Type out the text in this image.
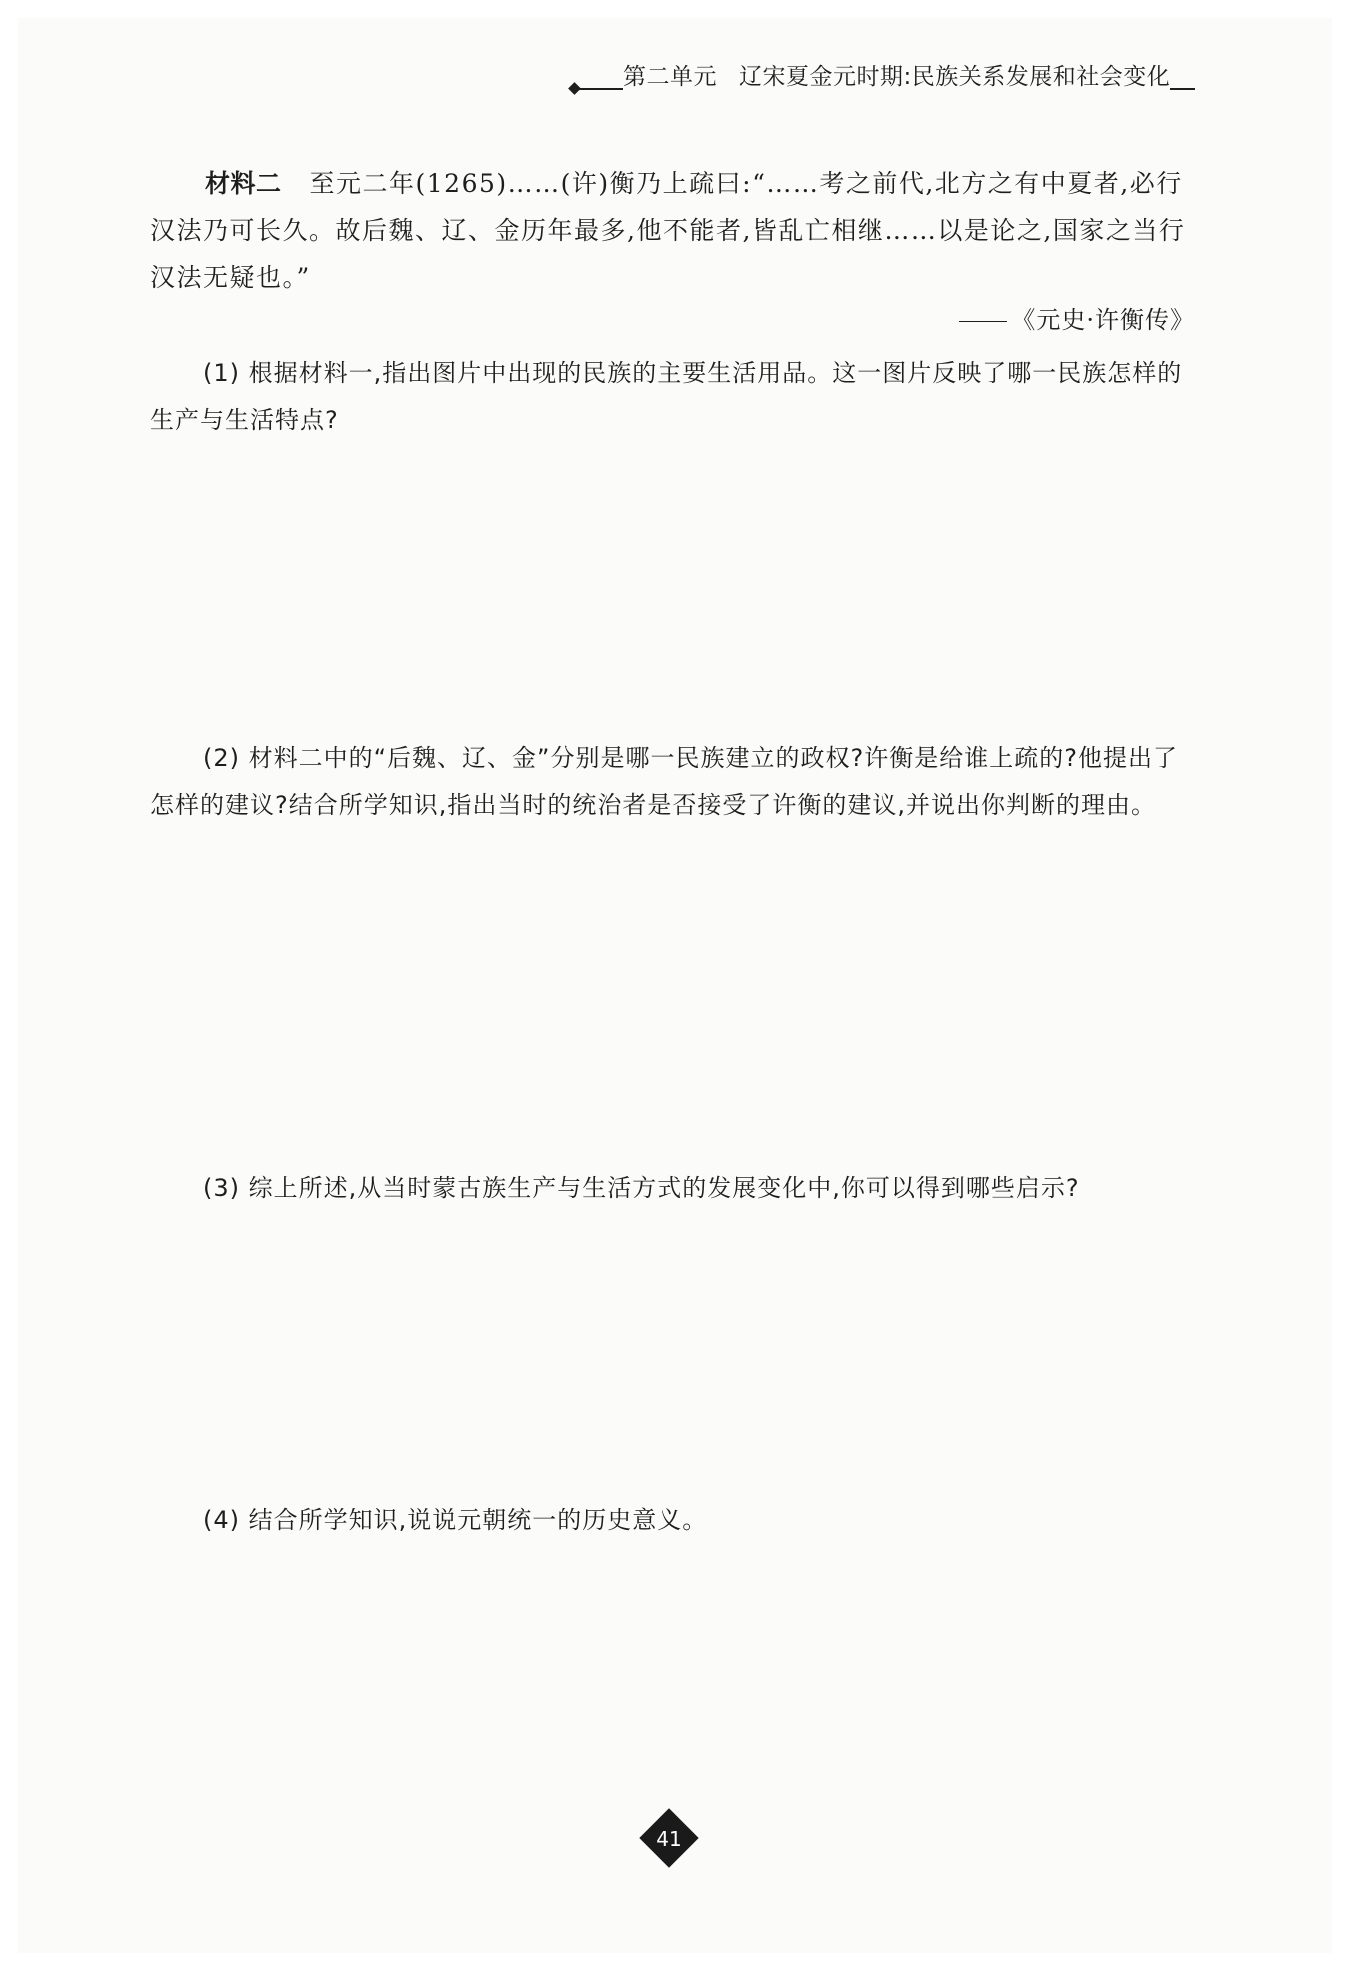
第二单元 辽宋夏金元时期:民族关系发展和社会变化

材料二 至元二年(1265)……(许)衡乃上疏曰:“……考之前代,北方之有中夏者,必行汉法乃可长久。故后魏、辽、金历年最多,他不能者,皆乱亡相继……以是论之,国家之当行汉法无疑也。”

《元史·许衡传》

(1) 根据材料一,指出图片中出现的民族的主要生活用品。这一图片反映了哪一民族怎样的生产与生活特点?

(2) 材料二中的“后魏、辽、金”分别是哪一民族建立的政权?许衡是给谁上疏的?他提出了怎样的建议?结合所学知识,指出当时的统治者是否接受了许衡的建议,并说出你判断的理由。

(3) 综上所述,从当时蒙古族生产与生活方式的发展变化中,你可以得到哪些启示?

(4) 结合所学知识,说说元朝统一的历史意义。

41
